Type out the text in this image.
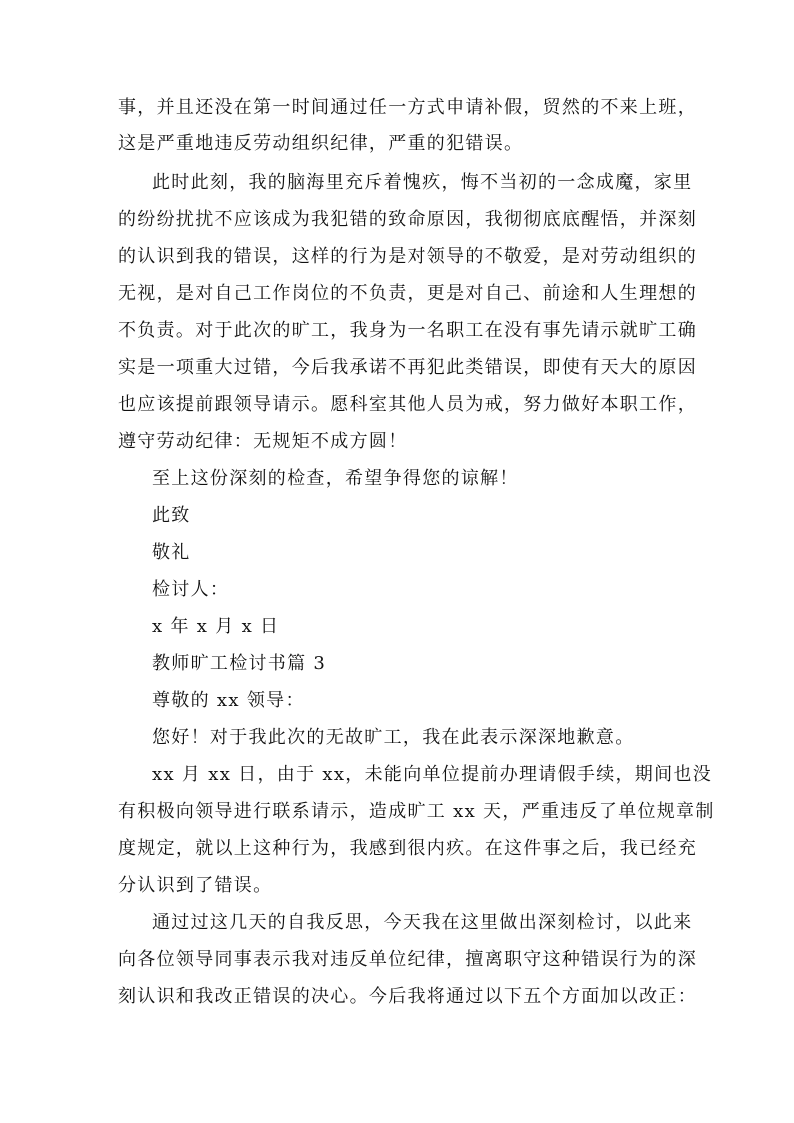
事，并且还没在第一时间通过任一方式申请补假，贸然的不来上班，
这是严重地违反劳动组织纪律，严重的犯错误。
此时此刻，我的脑海里充斥着愧疚，悔不当初的一念成魔，家里
的纷纷扰扰不应该成为我犯错的致命原因，我彻彻底底醒悟，并深刻
的认识到我的错误，这样的行为是对领导的不敬爱，是对劳动组织的
无视，是对自己工作岗位的不负责，更是对自己、前途和人生理想的
不负责。对于此次的旷工，我身为一名职工在没有事先请示就旷工确
实是一项重大过错，今后我承诺不再犯此类错误，即使有天大的原因
也应该提前跟领导请示。愿科室其他人员为戒，努力做好本职工作，
遵守劳动纪律：无规矩不成方圆！
至上这份深刻的检查，希望争得您的谅解！
此致
敬礼
检讨人：
x 年 x 月 x 日
教师旷工检讨书篇 3
尊敬的 xx 领导：
您好！对于我此次的无故旷工，我在此表示深深地歉意。
xx 月 xx 日，由于 xx，未能向单位提前办理请假手续，期间也没
有积极向领导进行联系请示，造成旷工 xx 天，严重违反了单位规章制
度规定，就以上这种行为，我感到很内疚。在这件事之后，我已经充
分认识到了错误。
通过过这几天的自我反思，今天我在这里做出深刻检讨，以此来
向各位领导同事表示我对违反单位纪律，擅离职守这种错误行为的深
刻认识和我改正错误的决心。今后我将通过以下五个方面加以改正：
